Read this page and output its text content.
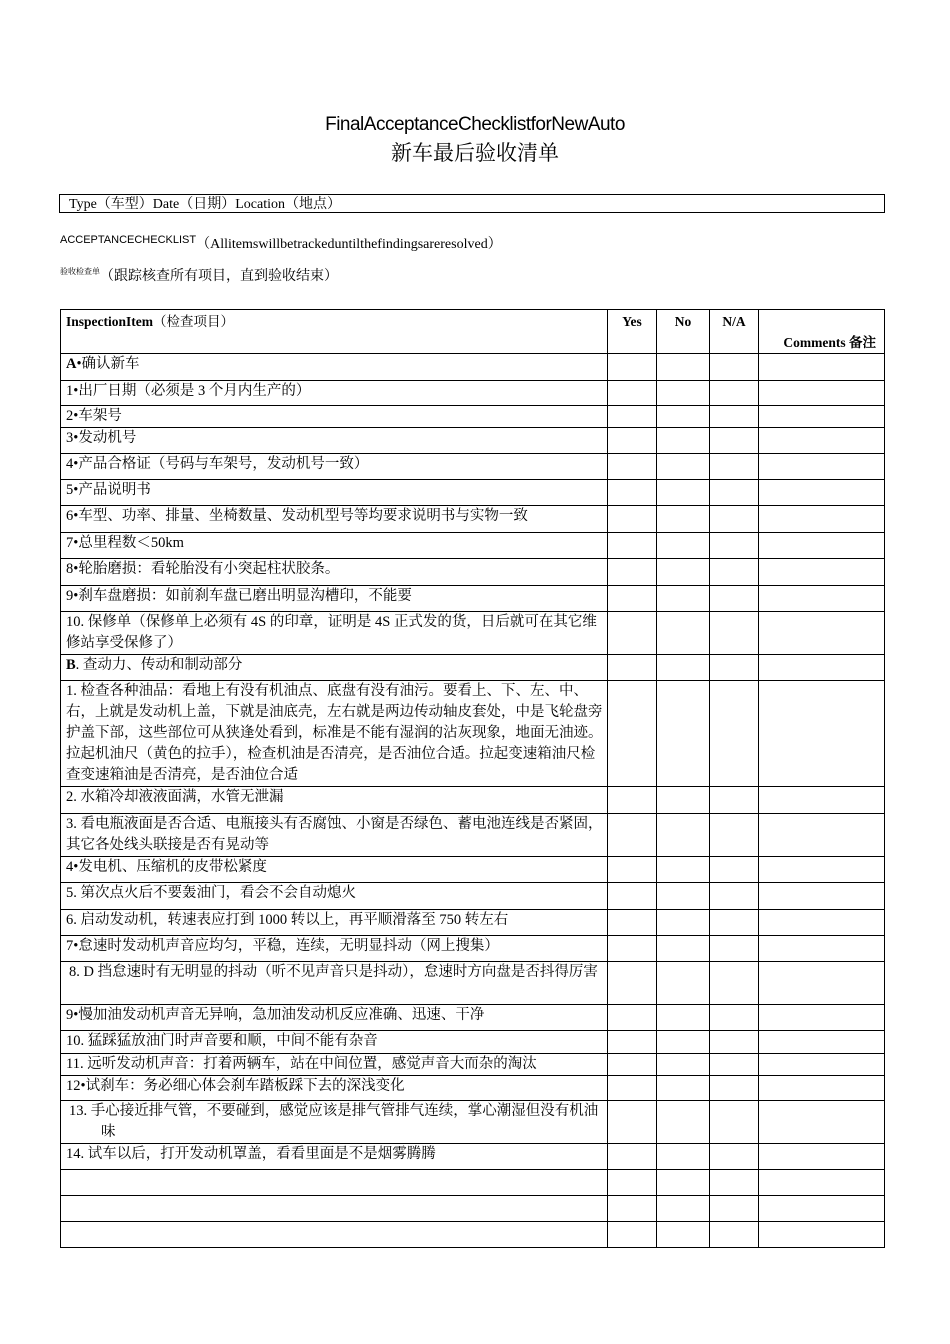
FinalAcceptanceChecklistforNewAuto
新车最后验收清单
Type（车型）Date（日期）Location（地点）
$^{ACCEPTANCECHECKLIST}$（Allitemswillbetrackeduntilthefindingsareresolved）
$^{验收检查单}$（跟踪核查所有项目，直到验收结束）
InspectionItem（检查项目）	Yes	No	N/A	Comments 备注

A•确认新车				
1•出厂日期（必须是 3 个月内生产的）				
2•车架号				
3•发动机号				
4•产品合格证（号码与车架号，发动机号一致）				
5•产品说明书				
6•车型、功率、排量、坐椅数量、发动机型号等均要求说明书与实物一致				
7•总里程数＜50km				
8•轮胎磨损：看轮胎没有小突起柱状胶条。				
9•刹车盘磨损：如前刹车盘已磨出明显沟槽印，不能要				
10. 保修单（保修单上必须有 4S 的印章，证明是 4S 正式发的货，日后就可在其它维修站享受保修了）				
B. 查动力、传动和制动部分				
1. 检查各种油品：看地上有没有机油点、底盘有没有油污。要看上、下、左、中、右，上就是发动机上盖，下就是油底壳，左右就是两边传动轴皮套处，中是飞轮盘旁护盖下部，这些部位可从狭逢处看到，标准是不能有湿润的沾灰现象，地面无油迹。拉起机油尺（黄色的拉手），检查机油是否清亮，是否油位合适。拉起变速箱油尺检查变速箱油是否清亮，是否油位合适				
2. 水箱冷却液液面满，水管无泄漏				
3. 看电瓶液面是否合适、电瓶接头有否腐蚀、小窗是否绿色、蓄电池连线是否紧固，其它各处线头联接是否有晃动等				
4•发电机、压缩机的皮带松紧度				
5. 第次点火后不要轰油门，看会不会自动熄火				
6. 启动发动机，转速表应打到 1000 转以上，再平顺滑落至 750 转左右				
7•怠速时发动机声音应均匀，平稳，连续，无明显抖动（网上搜集）				
8. D 挡怠速时有无明显的抖动（听不见声音只是抖动），怠速时方向盘是否抖得厉害				
9•慢加油发动机声音无异响，急加油发动机反应准确、迅速、干净				
10. 猛踩猛放油门时声音要和顺，中间不能有杂音				
11. 远听发动机声音：打着两辆车，站在中间位置，感觉声音大而杂的淘汰				
12•试刹车：务必细心体会刹车踏板踩下去的深浅变化				
13. 手心接近排气管，不要碰到，感觉应该是排气管排气连续，掌心潮湿但没有机油味				
14. 试车以后，打开发动机罩盖，看看里面是不是烟雾腾腾				
